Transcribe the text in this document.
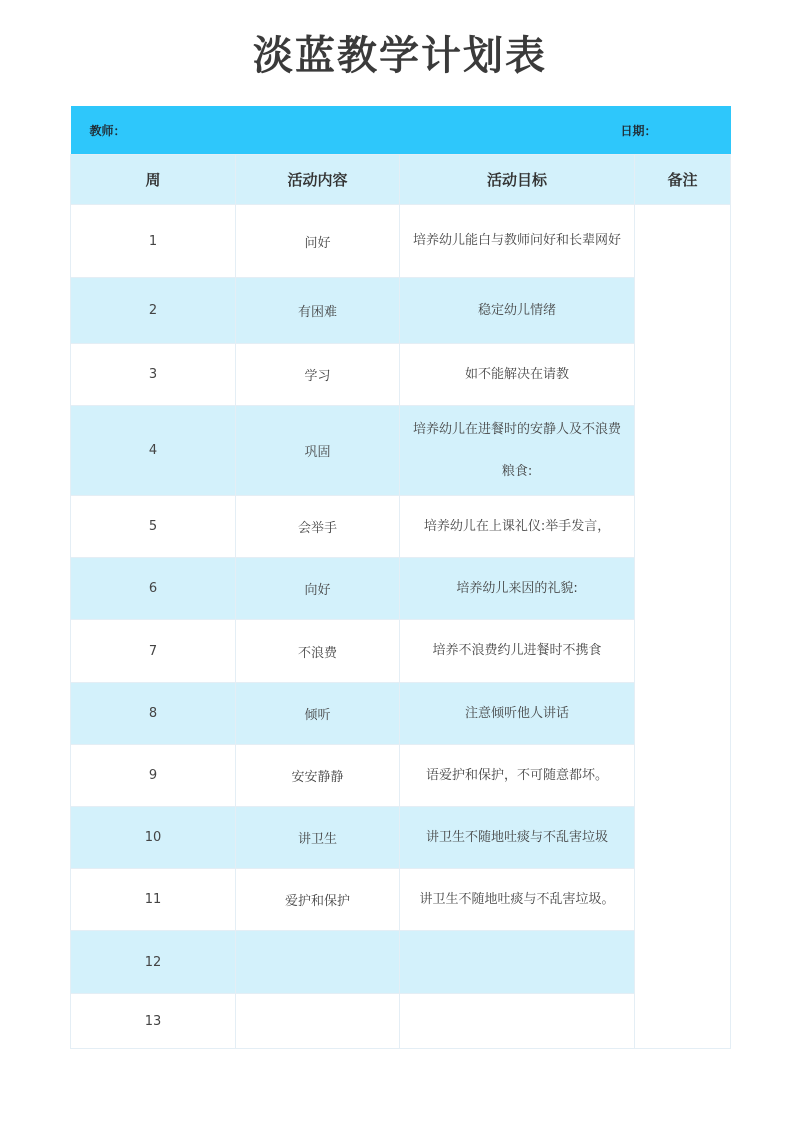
淡蓝教学计划表
教师：			日期：

周	活动内容	活动目标	备注
1	问好	培养幼儿能白与教师问好和长辈网好	
2	有困难	稳定幼儿情绪	
3	学习	如不能解决在请教	
4	巩固	培养幼儿在进餐时的安静人及不浪费
粮食:	

5	会举手	培养幼儿在上课礼仪:举手发言，	
6	向好	培养幼儿来因的礼貌:	
7	不浪费	培养不浪费约儿进餐时不携食	
8	倾听	注意倾听他人讲话	
9	安安静静	语爱护和保护，不可随意都坏。	
10	讲卫生	讲卫生不随地吐痰与不乱害垃圾	
11	爱护和保护	讲卫生不随地吐痰与不乱害垃圾。	
12			
13			
